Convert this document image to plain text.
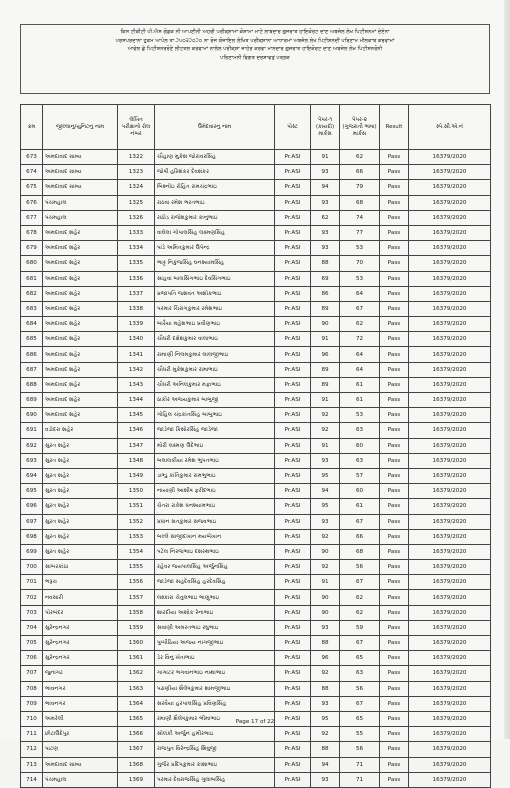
ਕਿਸ ਟੀਕੀਟੀ ਪੀ.ਐਸ ਗੋਡਕ ਨੀ ਆਪਣੀਨੀ ਅਹਰੀ ਪਰੀਕ੍ਸ਼ਾਮਾਂ ਕੋਸ਼ਾਮਾ ਮਾਟੇ ਲਾਬਦਾਰ ਗੁਜਰਾਤ ਹਾਇਕੋਰਟ ਦਾਣ ਅਬਜ਼ੇਲ ਲੇਖ ਪਿਟੀਸ਼ਨਮਾਂ ਦੇਏਨਾ
ਪਰਸਪਰਦਾਨਾ ਹੁਕਮ ਆਪੇਲ ਤਾ.੨੫੦੩੨੦੨੦ ਨਾ ਰੋਜ ਯੋਜਾਇਲ ਲੇਖਿਤ ਪਰੀਕ੍ਸ਼ਾਨਾ ਆਧਾਰਮਾਂ ਅਬਜ਼ੇਲ ਲੇਖ ਪਿਟੀਸ਼ਨਦੀਂ ਪਰਿਣਾਮ ਮੀਲਕਾਬ ਕਰਵਾਮਾਂ
ਆਵੇਲ ਛੇ ਪਿਟੀਸ਼ਨਰਰੋਣੇ ਲੀਟਤਲ ਕਰਵਾਮਾਂ ਨਾਲੇਲ ਪਰੀਕ੍ਸ਼ਾ ਜਾਹੇਰ ਕਰਵਾ ਮਾਨਦਾਰ ਗੁਜਰਾਤ ਹਾਇਕੋਰਟ ਦਾਣ ਅਬਜ਼ੇਲ ਲੇਖ ਪਿਟੀਸ਼ਨਰੋਨੀ
ਪਰਿਣਾਮਨੀ ਵਿਗਤ ਦਰਸ਼ਾਵਤੁਂ ਪਤ੍ਰਕ
ક્રમ	જીલ્લાનુ/યુનિટનુ નામ	લેખિત પરીક્ષાનો રોલ નંબર	ઉમેદવારનુ નામ	પોસ્ટ	પેપર-૧ (કાયદો) માર્કસ	પેપર-૨ (ગુજરાતી ભાષા) માર્કસ	Result	સ્પે.સી.એ.નં
673	અમદાવાદ ગ્રામ્ય	1322	ચૌહાણ મુકેશ જોરાવરસિંહ	Pr.ASI	91	62	Pass	16379/2020
674	અમદાવાદ ગ્રામ્ય	1323	જોષી હરિશંકર દેવશંકર	Pr.ASI	93	66	Pass	16379/2020
675	અમદાવાદ ગ્રામ્ય	1324	બિશ્નોઇ રોહિત રામચંદ્રભાઇ	Pr.ASI	94	79	Pass	16379/2020
676	પંચમહાલ	1325	રાઠવા રમેશ ભરતભાઇ	Pr.ASI	93	68	Pass	16379/2020
677	પંચમહાલ	1326	રાઠોડ રાજેશકુમાર કાનુભાઇ	Pr.ASI	62	74	Pass	16379/2020
678	અમદાવાદ શહેર	1333	વાઘેલા ગોપાલસિંહ લક્ષ્મણસિંહ	Pr.ASI	93	77	Pass	16379/2020
679	અમદાવાદ શહેર	1334	પાંડે અમિતકુમાર ઉપેન્દ્ર	Pr.ASI	93	53	Pass	16379/2020
680	અમદાવાદ શહેર	1335	ભાટ્ટ નિકુંજસિંહ ઘનશ્યામસિંહ	Pr.ASI	88	70	Pass	16379/2020
681	અમદાવાદ શહેર	1336	સાહવા બાલસિંગભાઇ દેવસિંગભાઇ	Pr.ASI	69	53	Pass	16379/2020
682	અમદાવાદ શહેર	1337	પ્રજાપતિ જશવંત અશોકભાઇ	Pr.ASI	86	64	Pass	16379/2020
683	અમદાવાદ શહેર	1338	પરમાર ચિરાગકુમાર રમેશભાઇ	Pr.ASI	89	67	Pass	16379/2020
684	અમદાવાદ શહેર	1339	બારૈયા મહેશભાઇ પ્રવીણભાઇ	Pr.ASI	90	62	Pass	16379/2020
685	અમદાવાદ શહેર	1340	ચૌધરી દક્ષેશકુમાર વાલાભાઇ	Pr.ASI	91	72	Pass	16379/2020
686	અમદાવાદ શહેર	1341	રામાણી નિલમકુમાર લાલજીભાઇ	Pr.ASI	96	64	Pass	16379/2020
687	અમદાવાદ શહેર	1342	ચૌધરી મુકેશકુમાર રામાભાઇ	Pr.ASI	89	64	Pass	16379/2020
688	અમદાવાદ શહેર	1343	ચૌધરી અનિલકુમાર મફાભાઇ	Pr.ASI	89	61	Pass	16379/2020
689	અમદાવાદ શહેર	1344	ઠાકોર અજયકુમાર બાબુજી	Pr.ASI	91	61	Pass	16379/2020
690	અમદાવાદ શહેર	1345	ગોહિલ ચંદ્રકાંતસિંહ બાબુભાઇ	Pr.ASI	92	53	Pass	16379/2020
691	વડોદરા શહેર	1346	જાડેજા કિશોરસિંહ જાડેજા	Pr.ASI	92	63	Pass	16379/2020
692	સુરત શહેર	1347	મોરી લક્ષ્મણ ઉદેભાઇ	Pr.ASI	91	60	Pass	16379/2020
693	સુરત શહેર	1348	બલાલકીયા રમેશ ભુપતભાઇ	Pr.ASI	93	63	Pass	16379/2020
694	સુરત શહેર	1349	ડાભ્ડુ કાંતિકુમાર રામભુભાઇ	Pr.ASI	95	57	Pass	16379/2020
695	સુરત શહેર	1350	નાયાણી આશીષ ફરીદભાઇ	Pr.ASI	94	60	Pass	16379/2020
696	સુરત શહેર	1351	ચેતરા રાકેશ ધનશ્યામભાઇ	Pr.ASI	95	61	Pass	16379/2020
697	સુરત શહેર	1352	પ્રધાન સતકુમાર સજવભાઇ	Pr.ASI	93	67	Pass	16379/2020
698	સુરત શહેર	1353	બલ્લે સાજીદખાન મયબેખાન	Pr.ASI	92	66	Pass	16379/2020
699	સુરત શહેર	1354	પટેલ નિરજભાઇ દશરથભાઇ	Pr.ASI	90	68	Pass	16379/2020
700	સાબરકાંઠા	1355	રહેવર જયપાલસિંહ અર્જુનસિંહ	Pr.ASI	92	56	Pass	16379/2020
701	ભરૂચ	1356	જાડેજા સહદેવસિંહ હરદેવસિંહ	Pr.ASI	91	67	Pass	16379/2020
702	નવસારી	1357	લશ્કારા ચેતુલભાઇ ભાણુભાઇ	Pr.ASI	90	62	Pass	16379/2020
703	પોરબંદર	1358	શારદીયા અશોક રેનાભાઇ	Pr.ASI	90	62	Pass	16379/2020
704	સુરેન્દ્રનગર	1359	સવાણી અમરતભાઇ રઘુભાઇ	Pr.ASI	93	59	Pass	16379/2020
705	સુરેન્દ્રનગર	1360	પુષ્પીઠિયા અજય નાગજીભાઇ	Pr.ASI	88	67	Pass	16379/2020
706	સુરેન્દ્રનગર	1361	ડેર વિનુ ખેતાભાઇ	Pr.ASI	96	65	Pass	16379/2020
707	જુનાગઢ	1362	ગાગાટર ભગવાનભાઇ નાથાભાઇ	Pr.ASI	92	63	Pass	16379/2020
708	ભાવનગર	1363	પઢાણીયા શૈલેષકુમાર શામજીભાઇ	Pr.ASI	88	56	Pass	16379/2020
709	ભાવનગર	1364	સરવૈયા હરપાલસિંહ પ્રવિણસિંહ	Pr.ASI	93	67	Pass	16379/2020
710	અમરેલી	1365	રમાણી શૈલેષકુમાર ભીમાભાઇ	Pr.ASI	95	65	Pass	16379/2020
711	છોટાઉદેપુર	1366	સોલંકી અર્જુન હમીરભાઇ	Pr.ASI	92	55	Pass	16379/2020
712	પાટણ	1367	રાજપુત વિરેન્દ્રસિંહ શિવુજી	Pr.ASI	88	56	Pass	16379/2020
713	અમદાવાદ ગ્રામ્ય	1368	ગુર્જર પ્રદિપકુમાર કાશાભાઇ	Pr.ASI	94	71	Pass	16379/2020
714	પંચમહાલ	1369	પરમાર દેવરાજસિંહ ગુલાબસિંહ	Pr.ASI	93	71	Pass	16379/2020
Page 17 of 22
